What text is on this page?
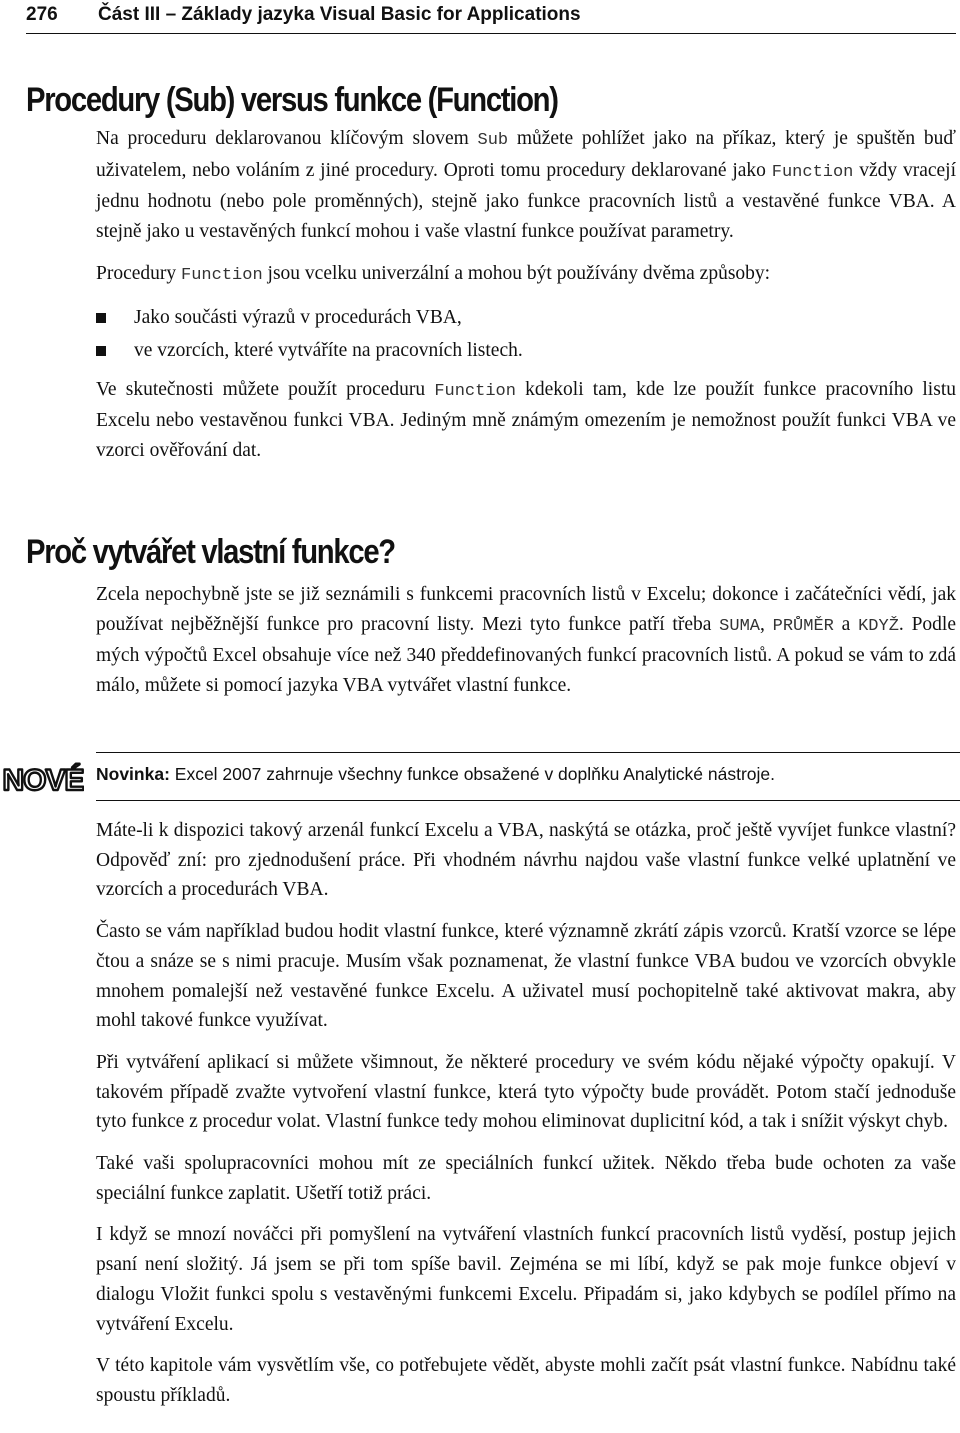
276 Část III – Základy jazyka Visual Basic for Applications
Procedury (Sub) versus funkce (Function)

Na proceduru deklarovanou klíčovým slovem Sub můžete pohlížet jako na příkaz, který je spuštěn buď uživatelem, nebo voláním z jiné procedury. Oproti tomu procedury deklarované jako Function vždy vracejí jednu hodnotu (nebo pole proměnných), stejně jako funkce pracovních listů a vestavěné funkce VBA. A stejně jako u vestavěných funkcí mohou i vaše vlastní funkce používat parametry.

Procedury Function jsou vcelku univerzální a mohou být používány dvěma způsoby:

Jako součásti výrazů v procedurách VBA,
ve vzorcích, které vytváříte na pracovních listech.

Ve skutečnosti můžete použít proceduru Function kdekoli tam, kde lze použít funkce pracovního listu Excelu nebo vestavěnou funkci VBA. Jediným mně známým omezením je nemožnost použít funkci VBA ve vzorci ověřování dat.

Proč vytvářet vlastní funkce?

Zcela nepochybně jste se již seznámili s funkcemi pracovních listů v Excelu; dokonce i začátečníci vědí, jak používat nejběžnější funkce pro pracovní listy. Mezi tyto funkce patří třeba SUMA, PRŮMĚR a KDYŽ. Podle mých výpočtů Excel obsahuje více než 340 předdefinovaných funkcí pracovních listů. A pokud se vám to zdá málo, můžete si pomocí jazyka VBA vytvářet vlastní funkce.

NOVÉ Novinka: Excel 2007 zahrnuje všechny funkce obsažené v doplňku Analytické nástroje.

Máte-li k dispozici takový arzenál funkcí Excelu a VBA, naskýtá se otázka, proč ještě vyvíjet funkce vlastní? Odpověď zní: pro zjednodušení práce. Při vhodném návrhu najdou vaše vlastní funkce velké uplatnění ve vzorcích a procedurách VBA.

Často se vám například budou hodit vlastní funkce, které významně zkrátí zápis vzorců. Kratší vzorce se lépe čtou a snáze se s nimi pracuje. Musím však poznamenat, že vlastní funkce VBA budou ve vzorcích obvykle mnohem pomalejší než vestavěné funkce Excelu. A uživatel musí pochopitelně také aktivovat makra, aby mohl takové funkce využívat.

Při vytváření aplikací si můžete všimnout, že některé procedury ve svém kódu nějaké výpočty opakují. V takovém případě zvažte vytvoření vlastní funkce, která tyto výpočty bude provádět. Potom stačí jednoduše tyto funkce z procedur volat. Vlastní funkce tedy mohou eliminovat duplicitní kód, a tak i snížit výskyt chyb.

Také vaši spolupracovníci mohou mít ze speciálních funkcí užitek. Někdo třeba bude ochoten za vaše speciální funkce zaplatit. Ušetří totiž práci.

I když se mnozí nováčci při pomyšlení na vytváření vlastních funkcí pracovních listů vyděsí, postup jejich psaní není složitý. Já jsem se při tom spíše bavil. Zejména se mi líbí, když se pak moje funkce objeví v dialogu Vložit funkci spolu s vestavěnými funkcemi Excelu. Připadám si, jako kdybych se podílel přímo na vytváření Excelu.

V této kapitole vám vysvětlím vše, co potřebujete vědět, abyste mohli začít psát vlastní funkce. Nabídnu také spoustu příkladů.
